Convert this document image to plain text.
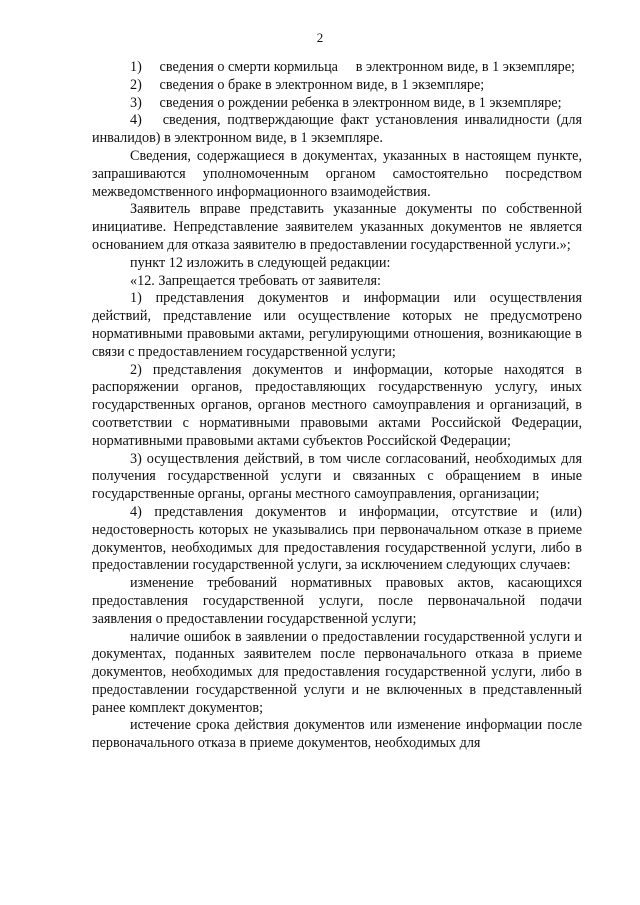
2

1)  сведения о смерти кормильца  в электронном виде, в 1 экземпляре;

2)  сведения о браке в электронном виде, в 1 экземпляре;

3)  сведения о рождении ребенка в электронном виде, в 1 экземпляре;

4)  сведения, подтверждающие факт установления инвалидности (для инвалидов) в электронном виде, в 1 экземпляре.

Сведения, содержащиеся в документах, указанных в настоящем пункте, запрашиваются уполномоченным органом самостоятельно посредством межведомственного информационного взаимодействия.

Заявитель вправе представить указанные документы по собственной инициативе. Непредставление заявителем указанных документов не является основанием для отказа заявителю в предоставлении государственной услуги.»;

пункт 12 изложить в следующей редакции:

«12. Запрещается требовать от заявителя:

1) представления документов и информации или осуществления действий, представление или осуществление которых не предусмотрено нормативными правовыми актами, регулирующими отношения, возникающие в связи с предоставлением государственной услуги;

2) представления документов и информации, которые находятся в распоряжении органов, предоставляющих государственную услугу, иных государственных органов, органов местного самоуправления и организаций, в соответствии с нормативными правовыми актами Российской Федерации, нормативными правовыми актами субъектов Российской Федерации;

3) осуществления действий, в том числе согласований, необходимых для получения государственной услуги и связанных с обращением в иные государственные органы, органы местного самоуправления, организации;

4) представления документов и информации, отсутствие и (или) недостоверность которых не указывались при первоначальном отказе в приеме документов, необходимых для предоставления государственной услуги, либо в предоставлении государственной услуги, за исключением следующих случаев:

изменение требований нормативных правовых актов, касающихся предоставления государственной услуги, после первоначальной подачи заявления о предоставлении государственной услуги;

наличие ошибок в заявлении о предоставлении государственной услуги и документах, поданных заявителем после первоначального отказа в приеме документов, необходимых для предоставления государственной услуги, либо в предоставлении государственной услуги и не включенных в представленный ранее комплект документов;

истечение срока действия документов или изменение информации после первоначального отказа в приеме документов, необходимых для
